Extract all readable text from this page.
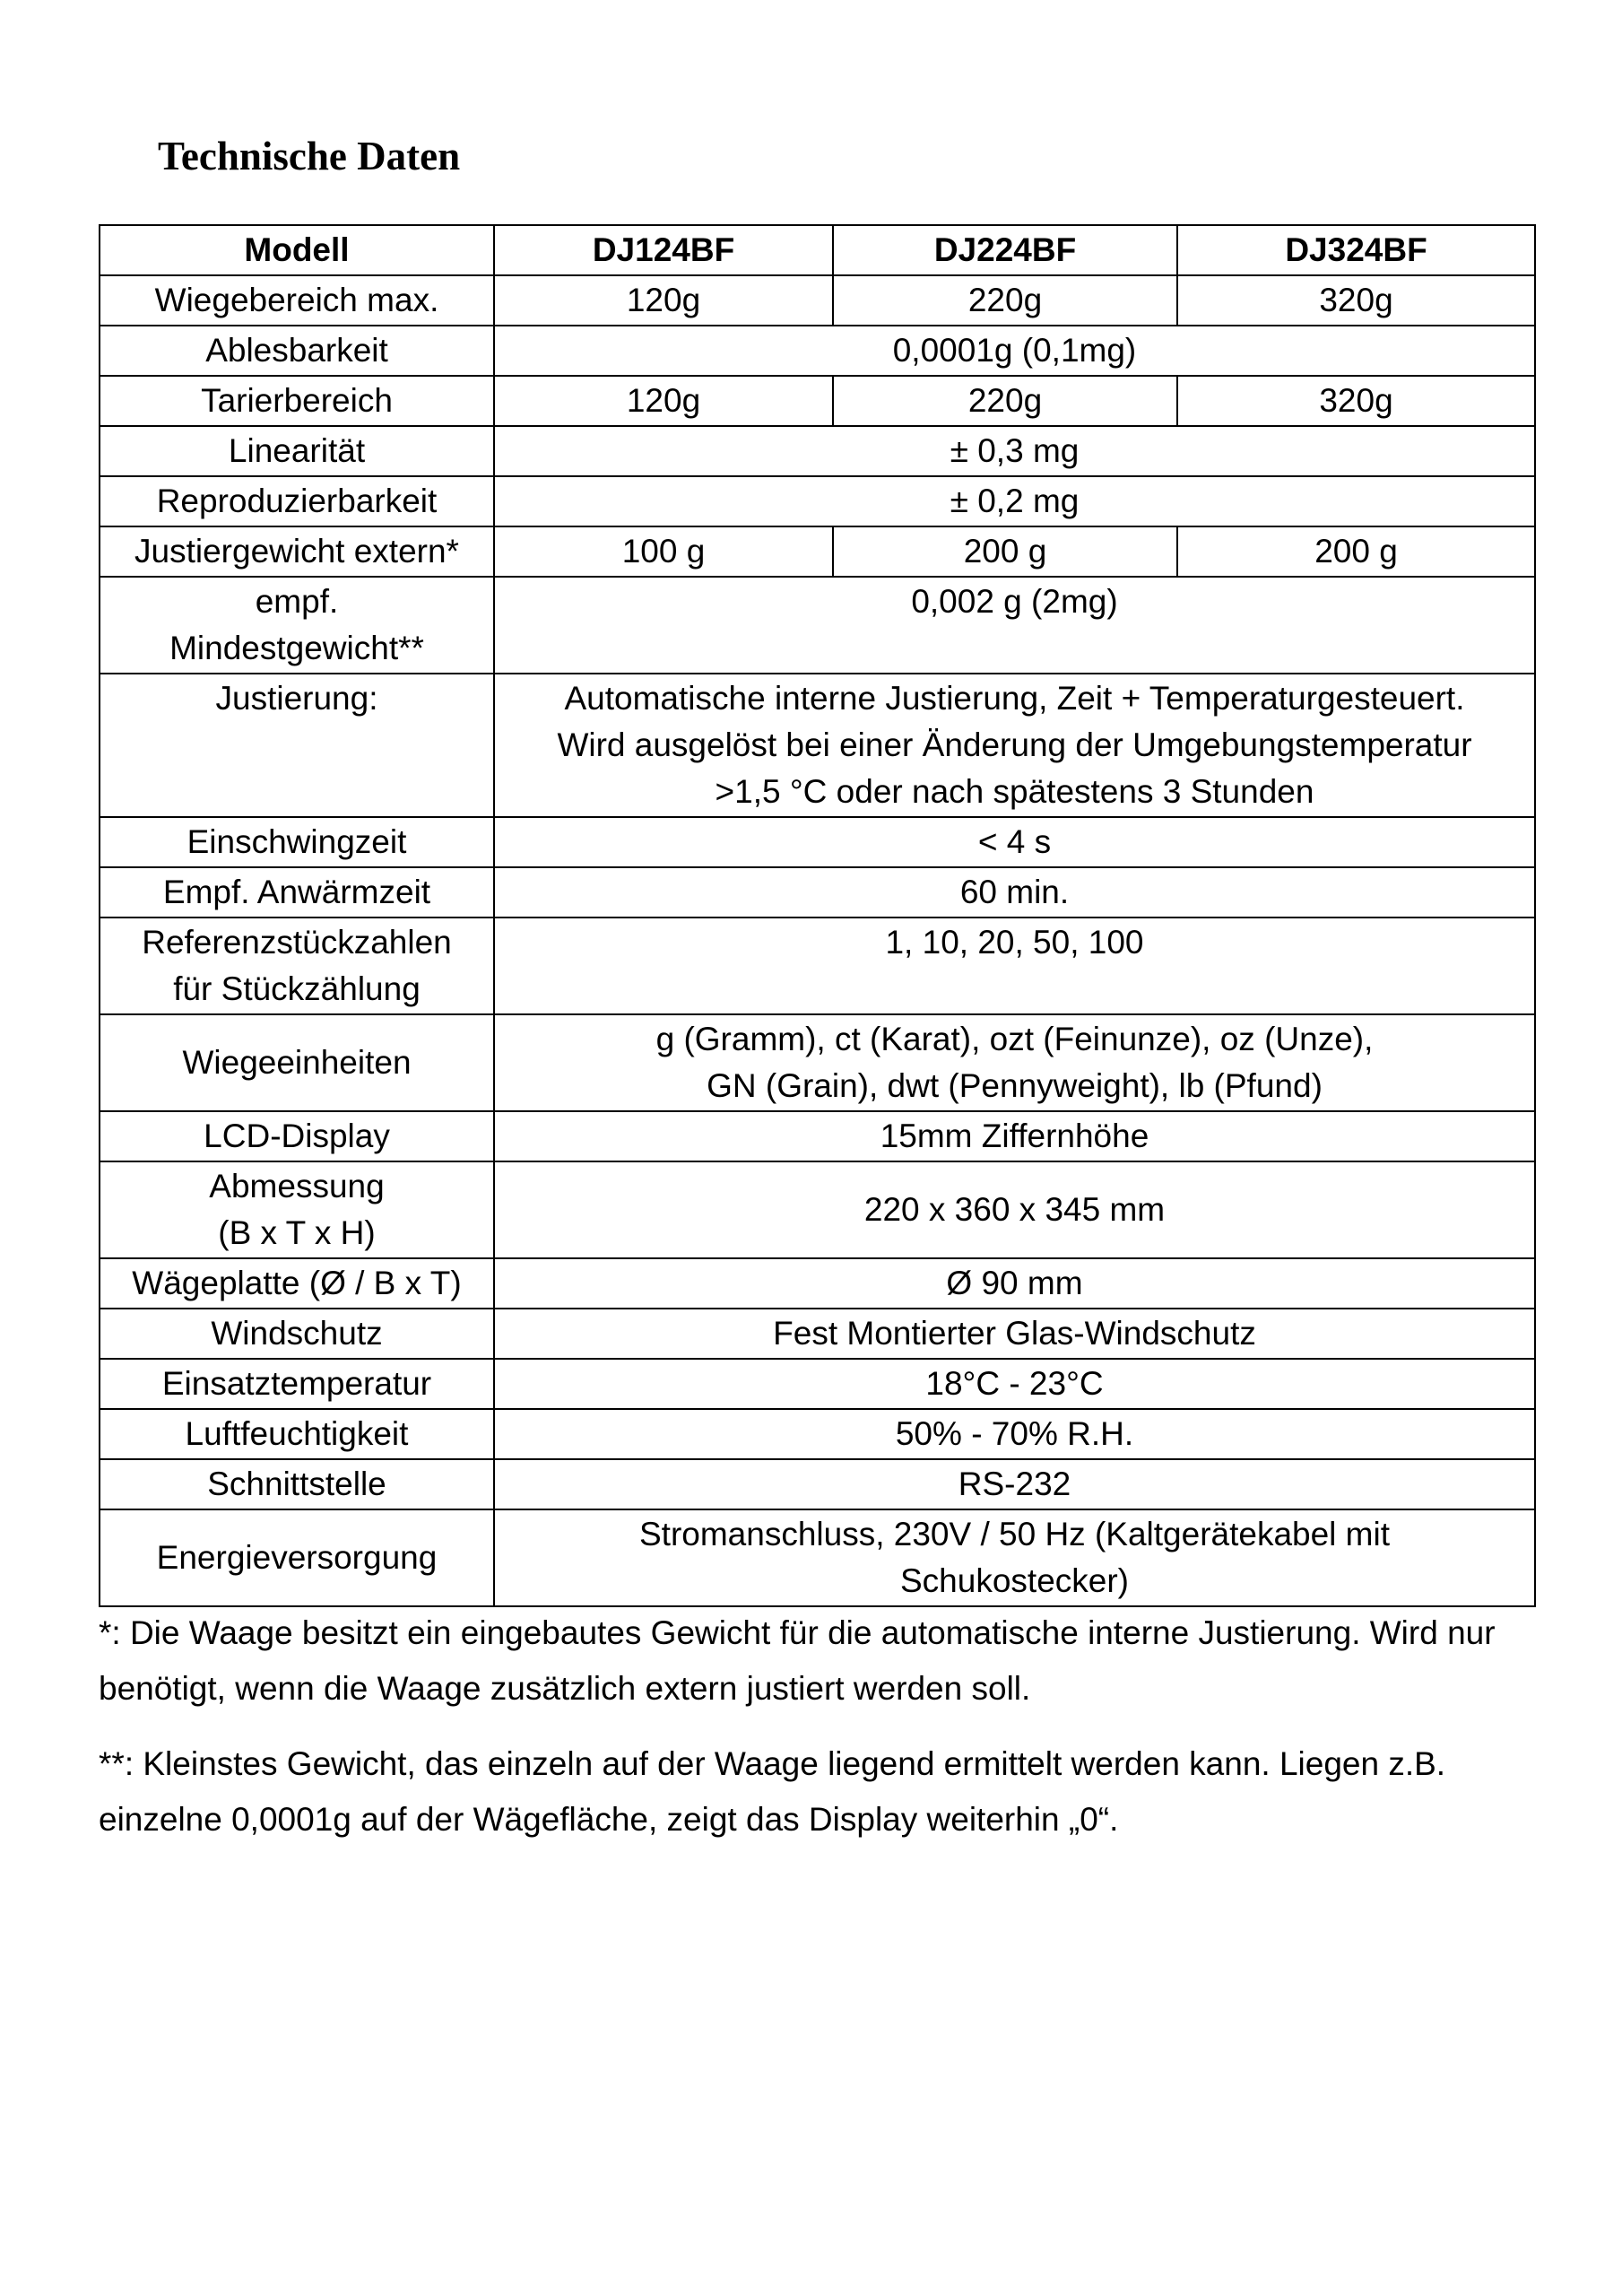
Technische Daten
Modell	DJ124BF	DJ224BF	DJ324BF
Wiegebereich max.	120g	220g	320g
Ablesbarkeit	0,0001g (0,1mg)		
Tarierbereich	120g	220g	320g
Linearität	± 0,3 mg		
Reproduzierbarkeit	± 0,2 mg		
Justiergewicht extern*	100 g	200 g	200 g

empf.
Mindestgewicht**	0,002 g (2mg)		
Justierung:	Automatische interne Justierung, Zeit + Temperaturgesteuert.
Wird ausgelöst bei einer Änderung der Umgebungstemperatur
>1,5 °C oder nach spätestens 3 Stunden		

Einschwingzeit	< 4 s		
Empf. Anwärmzeit	60 min.		

Referenzstückzahlen
für Stückzählung	1, 10, 20, 50, 100		
Wiegeeinheiten	g (Gramm), ct (Karat), ozt (Feinunze), oz (Unze),
GN (Grain), dwt (Pennyweight), lb (Pfund)		

LCD-Display	15mm Ziffernhöhe		

Abmessung
(B x T x H)	220 x 360 x 345 mm		
Wägeplatte (Ø / B x T)	Ø 90 mm		
Windschutz	Fest Montierter Glas-Windschutz		
Einsatztemperatur	18°C - 23°C		
Luftfeuchtigkeit	50% - 70% R.H.		
Schnittstelle	RS-232		
Energieversorgung	Stromanschluss, 230V / 50 Hz (Kaltgerätekabel mit
Schukostecker)		

*: Die Waage besitzt ein eingebautes Gewicht für die automatische interne Justierung. Wird nur benötigt, wenn die Waage zusätzlich extern justiert werden soll.

**: Kleinstes Gewicht, das einzeln auf der Waage liegend ermittelt werden kann. Liegen z.B. einzelne 0,0001g auf der Wägefläche, zeigt das Display weiterhin „0“.
